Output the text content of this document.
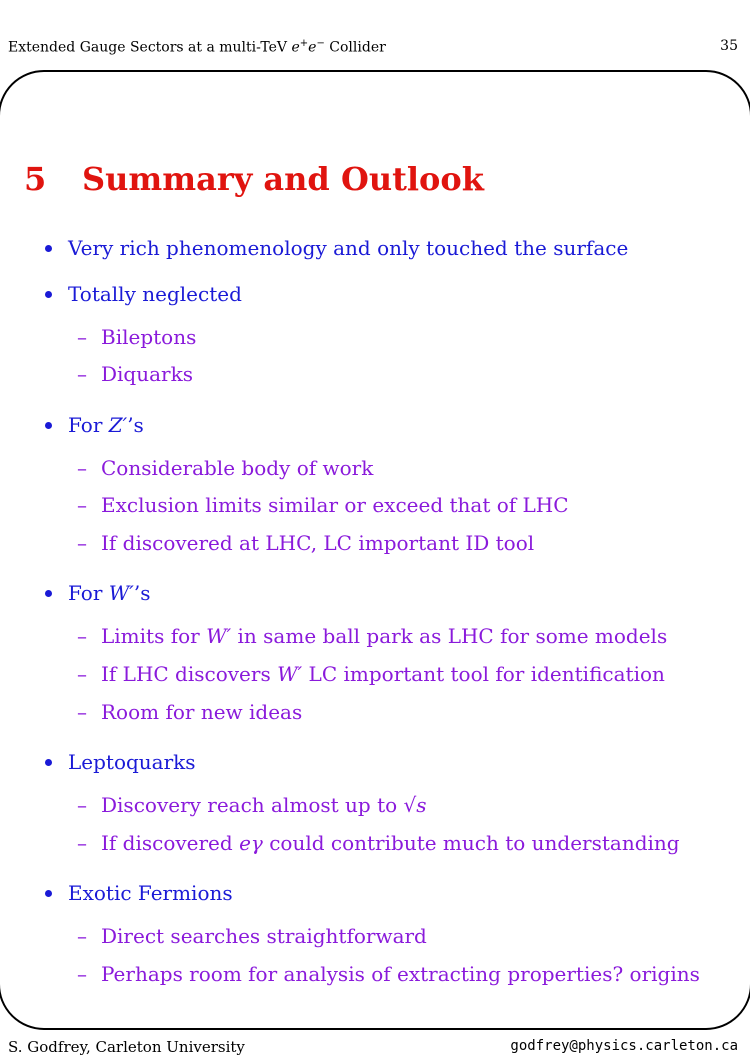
Extended Gauge Sectors at a multi-TeV e+e− Collider	35
5 Summary and Outlook
Very rich phenomenology and only touched the surface
Totally neglected
– Bileptons
– Diquarks
For Z′’s
– Considerable body of work
– Exclusion limits similar or exceed that of LHC
– If discovered at LHC, LC important ID tool
For W′’s
– Limits for W′ in same ball park as LHC for some models
– If LHC discovers W′ LC important tool for identification
– Room for new ideas
Leptoquarks
– Discovery reach almost up to √s
– If discovered eγ could contribute much to understanding
Exotic Fermions
– Direct searches straightforward
– Perhaps room for analysis of extracting properties? origins
S. Godfrey, Carleton University	godfrey@physics.carleton.ca
